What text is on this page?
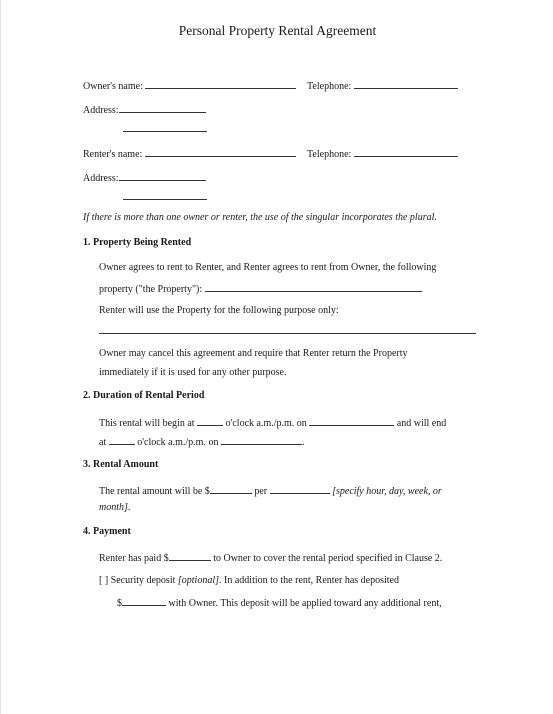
Personal Property Rental Agreement
Owner's name:	Telephone:
Address:
Renter's name:	Telephone:
Address:
If there is more than one owner or renter, the use of the singular incorporates the plural.
1. Property Being Rented
Owner agrees to rent to Renter, and Renter agrees to rent from Owner, the following
property ("the Property"):	.
Renter will use the Property for the following purpose only:
Owner may cancel this agreement and require that Renter return the Property
immediately if it is used for any other purpose.
2. Duration of Rental Period
This rental will begin at	o'clock a.m./p.m. on	and will end
at	o'clock a.m./p.m. on	.
3. Rental Amount
The rental amount will be $	per	[specify hour, day, week, or
month].
4. Payment
Renter has paid $	to Owner to cover the rental period specified in Clause 2.
[ ] Security deposit [optional]. In addition to the rent, Renter has deposited
$	with Owner. This deposit will be applied toward any additional rent,
